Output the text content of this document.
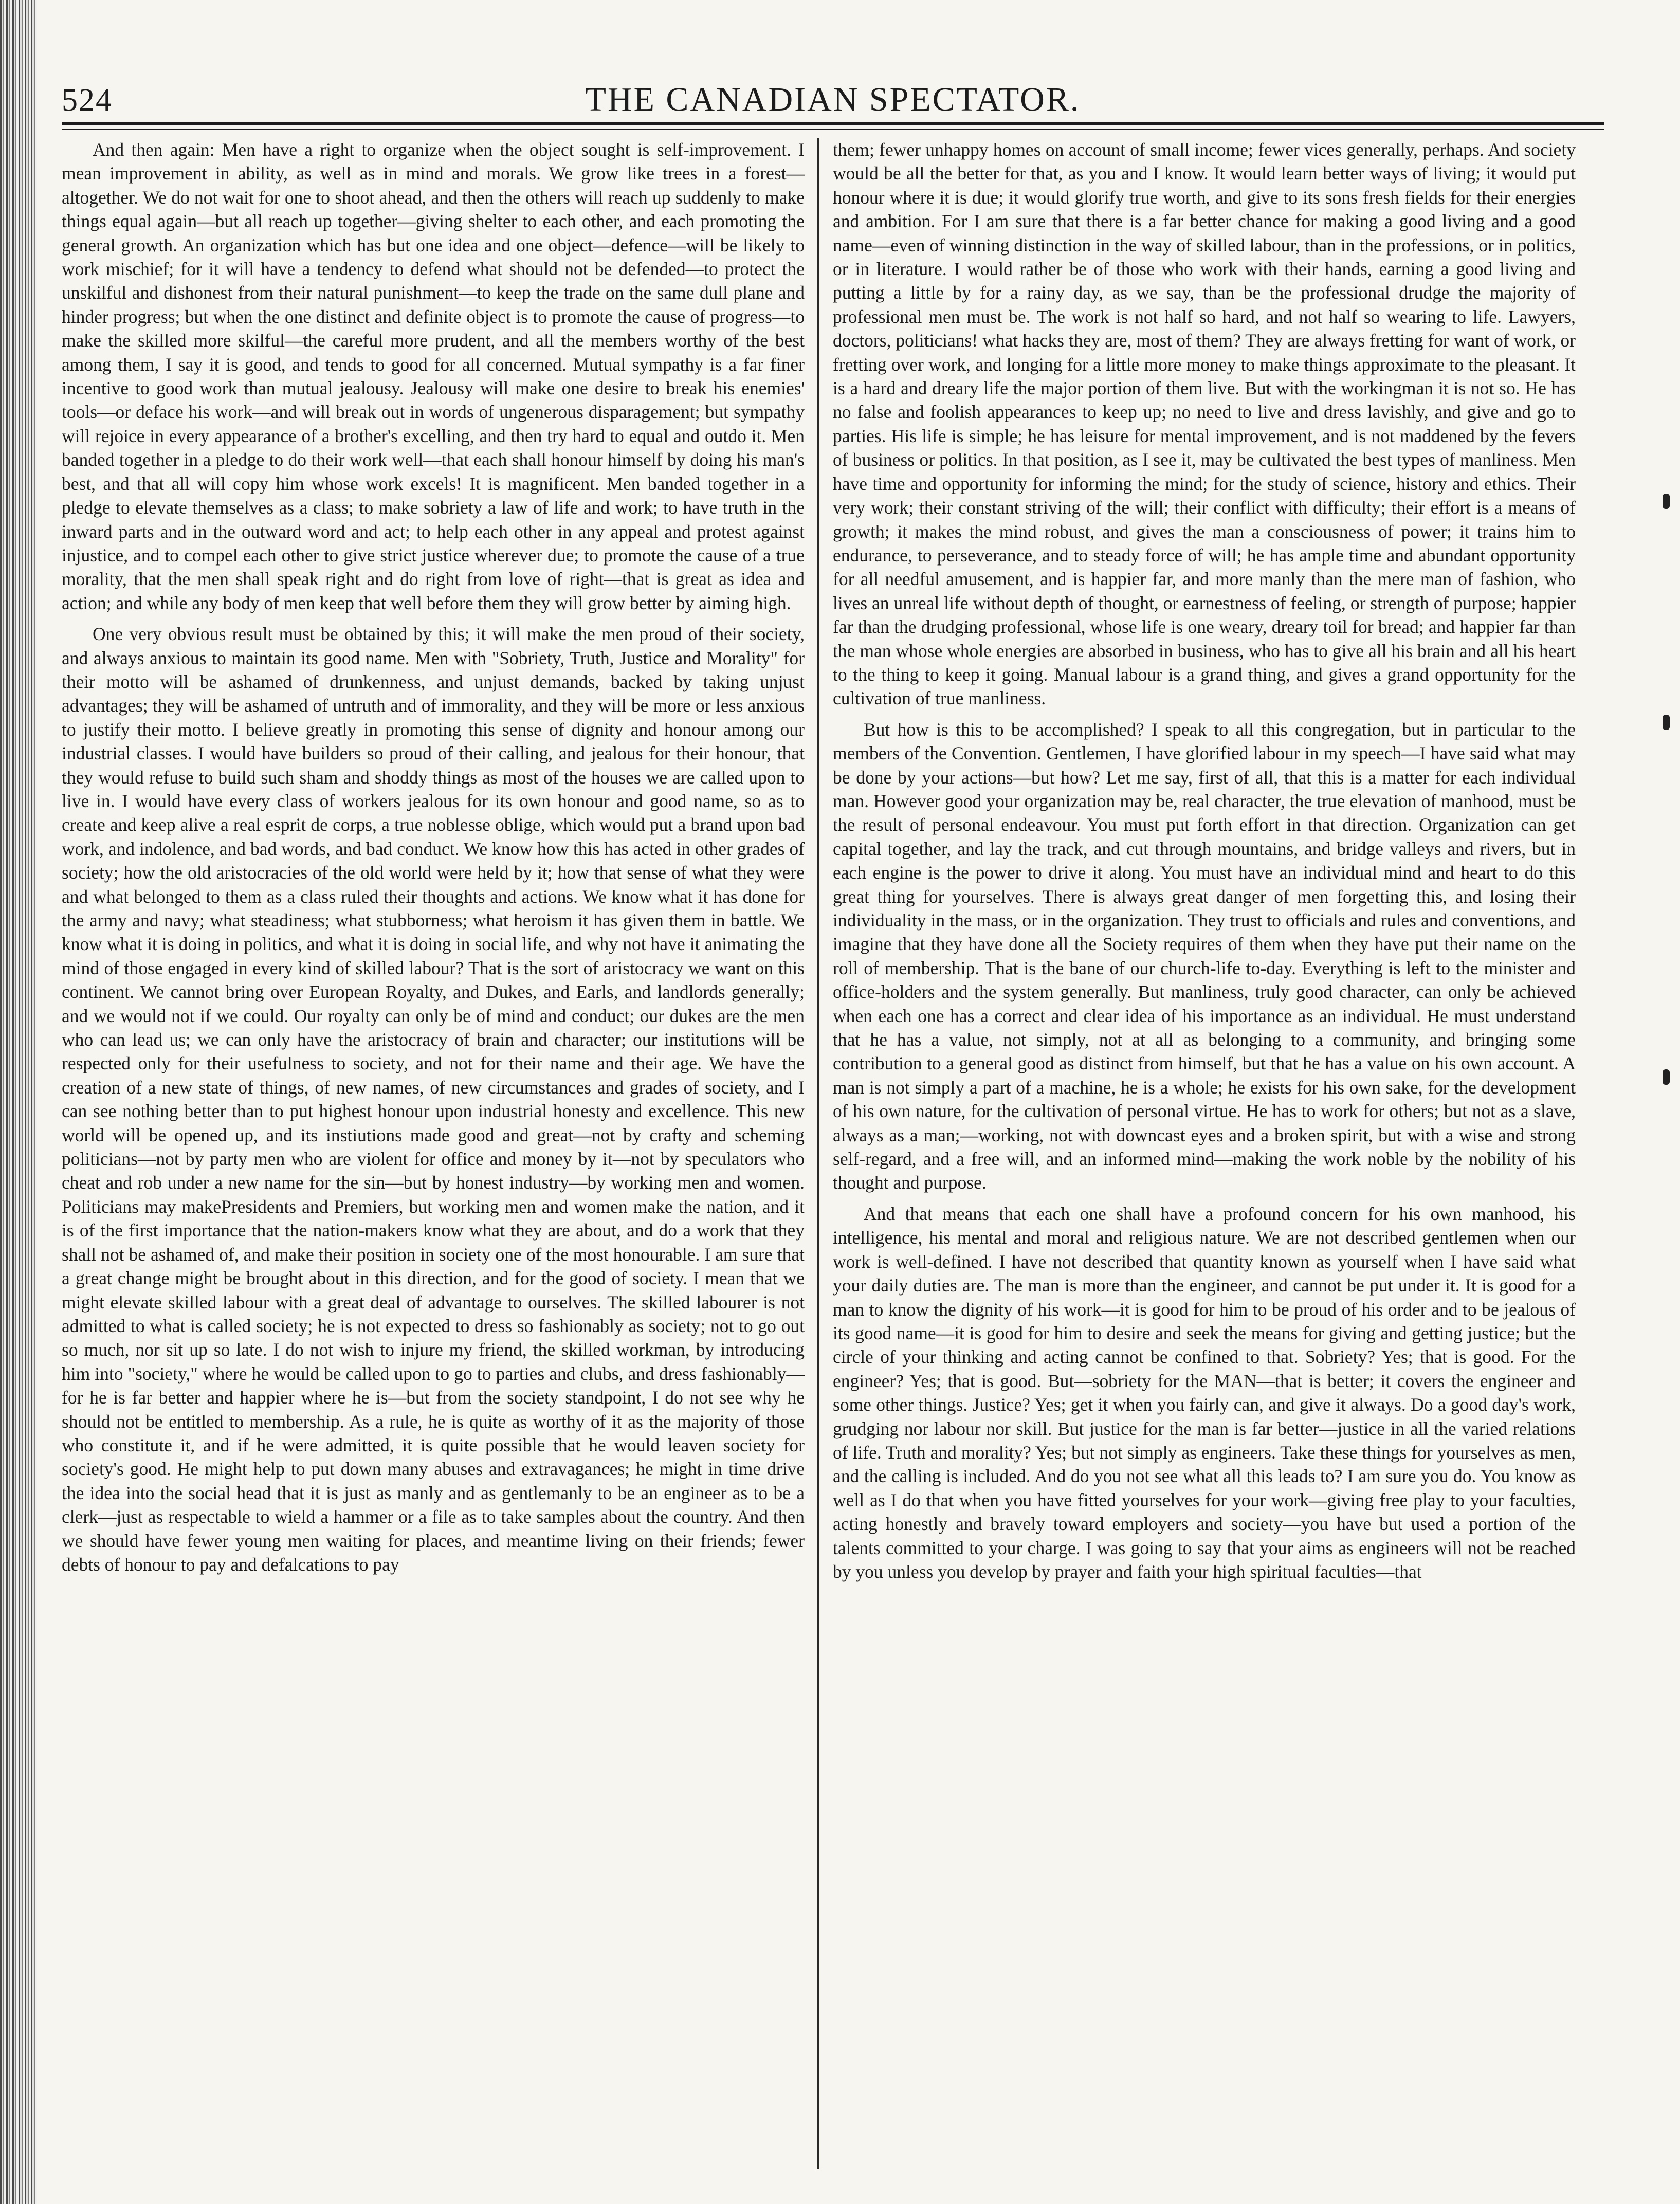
524	THE CANADIAN SPECTATOR.

And then again: Men have a right to organize when the object sought is self-improvement. I mean improvement in ability, as well as in mind and morals. We grow like trees in a forest—altogether. We do not wait for one to shoot ahead, and then the others will reach up suddenly to make things equal again—but all reach up together—giving shelter to each other, and each promoting the general growth. An organization which has but one idea and one object—defence—will be likely to work mischief; for it will have a tendency to defend what should not be defended—to protect the unskilful and dishonest from their natural punishment—to keep the trade on the same dull plane and hinder progress; but when the one distinct and definite object is to promote the cause of progress—to make the skilled more skilful—the careful more prudent, and all the members worthy of the best among them, I say it is good, and tends to good for all concerned. Mutual sympathy is a far finer incentive to good work than mutual jealousy. Jealousy will make one desire to break his enemies' tools—or deface his work—and will break out in words of ungenerous disparagement; but sympathy will rejoice in every appearance of a brother's excelling, and then try hard to equal and outdo it. Men banded together in a pledge to do their work well—that each shall honour himself by doing his man's best, and that all will copy him whose work excels! It is magnificent. Men banded together in a pledge to elevate themselves as a class; to make sobriety a law of life and work; to have truth in the inward parts and in the outward word and act; to help each other in any appeal and protest against injustice, and to compel each other to give strict justice wherever due; to promote the cause of a true morality, that the men shall speak right and do right from love of right—that is great as idea and action; and while any body of men keep that well before them they will grow better by aiming high.

One very obvious result must be obtained by this; it will make the men proud of their society, and always anxious to maintain its good name. Men with "Sobriety, Truth, Justice and Morality" for their motto will be ashamed of drunkenness, and unjust demands, backed by taking unjust advantages; they will be ashamed of untruth and of immorality, and they will be more or less anxious to justify their motto. I believe greatly in promoting this sense of dignity and honour among our industrial classes. I would have builders so proud of their calling, and jealous for their honour, that they would refuse to build such sham and shoddy things as most of the houses we are called upon to live in. I would have every class of workers jealous for its own honour and good name, so as to create and keep alive a real esprit de corps, a true noblesse oblige, which would put a brand upon bad work, and indolence, and bad words, and bad conduct. We know how this has acted in other grades of society; how the old aristocracies of the old world were held by it; how that sense of what they were and what belonged to them as a class ruled their thoughts and actions. We know what it has done for the army and navy; what steadiness; what stubborness; what heroism it has given them in battle. We know what it is doing in politics, and what it is doing in social life, and why not have it animating the mind of those engaged in every kind of skilled labour? That is the sort of aristocracy we want on this continent. We cannot bring over European Royalty, and Dukes, and Earls, and landlords generally; and we would not if we could. Our royalty can only be of mind and conduct; our dukes are the men who can lead us; we can only have the aristocracy of brain and character; our institutions will be respected only for their usefulness to society, and not for their name and their age. We have the creation of a new state of things, of new names, of new circumstances and grades of society, and I can see nothing better than to put highest honour upon industrial honesty and excellence. This new world will be opened up, and its instiutions made good and great—not by crafty and scheming politicians—not by party men who are violent for office and money by it—not by speculators who cheat and rob under a new name for the sin—but by honest industry—by working men and women. Politicians may makePresidents and Premiers, but working men and women make the nation, and it is of the first importance that the nation-makers know what they are about, and do a work that they shall not be ashamed of, and make their position in society one of the most honourable. I am sure that a great change might be brought about in this direction, and for the good of society. I mean that we might elevate skilled labour with a great deal of advantage to ourselves. The skilled labourer is not admitted to what is called society; he is not expected to dress so fashionably as society; not to go out so much, nor sit up so late. I do not wish to injure my friend, the skilled workman, by introducing him into "society," where he would be called upon to go to parties and clubs, and dress fashionably—for he is far better and happier where he is—but from the society standpoint, I do not see why he should not be entitled to membership. As a rule, he is quite as worthy of it as the majority of those who constitute it, and if he were admitted, it is quite possible that he would leaven society for society's good. He might help to put down many abuses and extravagances; he might in time drive the idea into the social head that it is just as manly and as gentlemanly to be an engineer as to be a clerk—just as respectable to wield a hammer or a file as to take samples about the country. And then we should have fewer young men waiting for places, and meantime living on their friends; fewer debts of honour to pay and defalcations to pay

them; fewer unhappy homes on account of small income; fewer vices generally, perhaps. And society would be all the better for that, as you and I know. It would learn better ways of living; it would put honour where it is due; it would glorify true worth, and give to its sons fresh fields for their energies and ambition. For I am sure that there is a far better chance for making a good living and a good name—even of winning distinction in the way of skilled labour, than in the professions, or in politics, or in literature. I would rather be of those who work with their hands, earning a good living and putting a little by for a rainy day, as we say, than be the professional drudge the majority of professional men must be. The work is not half so hard, and not half so wearing to life. Lawyers, doctors, politicians! what hacks they are, most of them? They are always fretting for want of work, or fretting over work, and longing for a little more money to make things approximate to the pleasant. It is a hard and dreary life the major portion of them live. But with the workingman it is not so. He has no false and foolish appearances to keep up; no need to live and dress lavishly, and give and go to parties. His life is simple; he has leisure for mental improvement, and is not maddened by the fevers of business or politics. In that position, as I see it, may be cultivated the best types of manliness. Men have time and opportunity for informing the mind; for the study of science, history and ethics. Their very work; their constant striving of the will; their conflict with difficulty; their effort is a means of growth; it makes the mind robust, and gives the man a consciousness of power; it trains him to endurance, to perseverance, and to steady force of will; he has ample time and abundant opportunity for all needful amusement, and is happier far, and more manly than the mere man of fashion, who lives an unreal life without depth of thought, or earnestness of feeling, or strength of purpose; happier far than the drudging professional, whose life is one weary, dreary toil for bread; and happier far than the man whose whole energies are absorbed in business, who has to give all his brain and all his heart to the thing to keep it going. Manual labour is a grand thing, and gives a grand opportunity for the cultivation of true manliness.

But how is this to be accomplished? I speak to all this congregation, but in particular to the members of the Convention. Gentlemen, I have glorified labour in my speech—I have said what may be done by your actions—but how? Let me say, first of all, that this is a matter for each individual man. However good your organization may be, real character, the true elevation of manhood, must be the result of personal endeavour. You must put forth effort in that direction. Organization can get capital together, and lay the track, and cut through mountains, and bridge valleys and rivers, but in each engine is the power to drive it along. You must have an individual mind and heart to do this great thing for yourselves. There is always great danger of men forgetting this, and losing their individuality in the mass, or in the organization. They trust to officials and rules and conventions, and imagine that they have done all the Society requires of them when they have put their name on the roll of membership. That is the bane of our church-life to-day. Everything is left to the minister and office-holders and the system generally. But manliness, truly good character, can only be achieved when each one has a correct and clear idea of his importance as an individual. He must understand that he has a value, not simply, not at all as belonging to a community, and bringing some contribution to a general good as distinct from himself, but that he has a value on his own account. A man is not simply a part of a machine, he is a whole; he exists for his own sake, for the development of his own nature, for the cultivation of personal virtue. He has to work for others; but not as a slave, always as a man;—working, not with downcast eyes and a broken spirit, but with a wise and strong self-regard, and a free will, and an informed mind—making the work noble by the nobility of his thought and purpose.

And that means that each one shall have a profound concern for his own manhood, his intelligence, his mental and moral and religious nature. We are not described gentlemen when our work is well-defined. I have not described that quantity known as yourself when I have said what your daily duties are. The man is more than the engineer, and cannot be put under it. It is good for a man to know the dignity of his work—it is good for him to be proud of his order and to be jealous of its good name—it is good for him to desire and seek the means for giving and getting justice; but the circle of your thinking and acting cannot be confined to that. Sobriety? Yes; that is good. For the engineer? Yes; that is good. But—sobriety for the MAN—that is better; it covers the engineer and some other things. Justice? Yes; get it when you fairly can, and give it always. Do a good day's work, grudging nor labour nor skill. But justice for the man is far better—justice in all the varied relations of life. Truth and morality? Yes; but not simply as engineers. Take these things for yourselves as men, and the calling is included. And do you not see what all this leads to? I am sure you do. You know as well as I do that when you have fitted yourselves for your work—giving free play to your faculties, acting honestly and bravely toward employers and society—you have but used a portion of the talents committed to your charge. I was going to say that your aims as engineers will not be reached by you unless you develop by prayer and faith your high spiritual faculties—that
